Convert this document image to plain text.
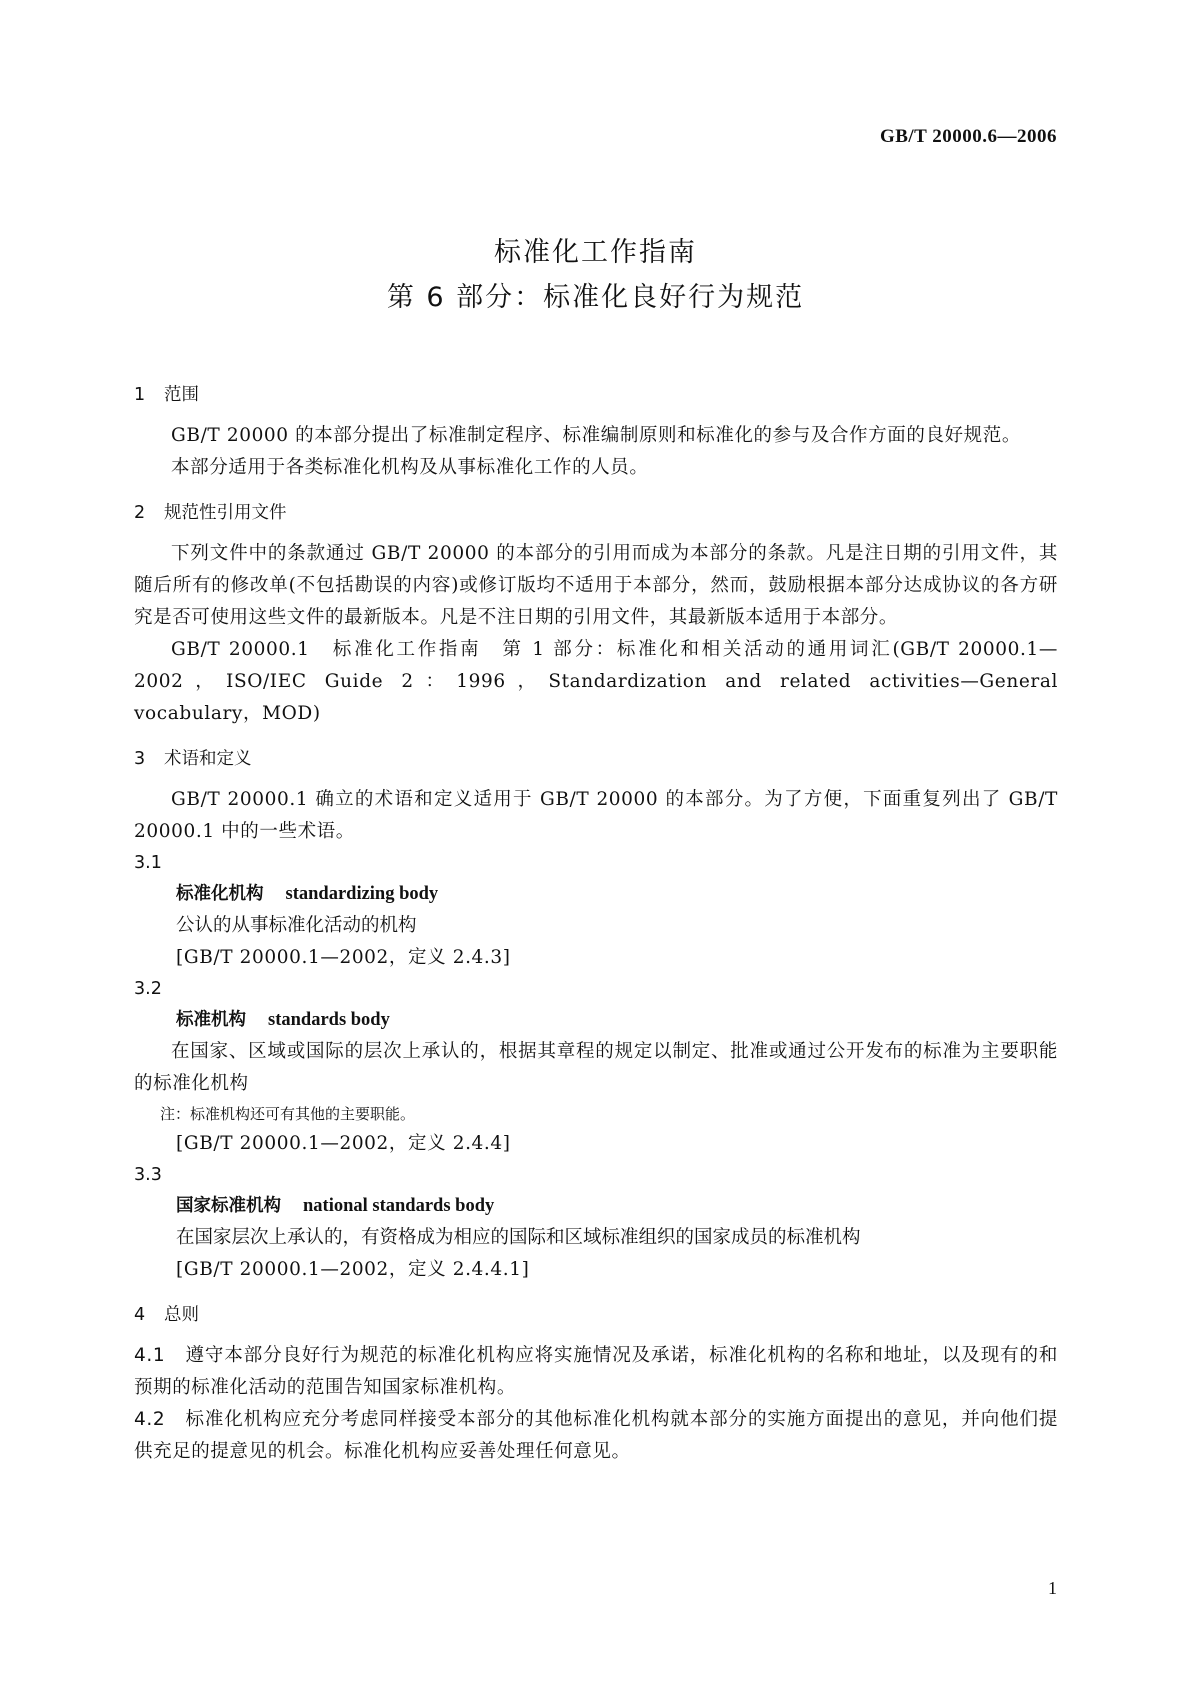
GB/T 20000.6—2006
标准化工作指南
第 6 部分：标准化良好行为规范
1 范围

GB/T 20000 的本部分提出了标准制定程序、标准编制原则和标准化的参与及合作方面的良好规范。

本部分适用于各类标准化机构及从事标准化工作的人员。

2 规范性引用文件

下列文件中的条款通过 GB/T 20000 的本部分的引用而成为本部分的条款。凡是注日期的引用文件，其随后所有的修改单(不包括勘误的内容)或修订版均不适用于本部分，然而，鼓励根据本部分达成协议的各方研究是否可使用这些文件的最新版本。凡是不注日期的引用文件，其最新版本适用于本部分。

GB/T 20000.1　标准化工作指南　第 1 部分：标准化和相关活动的通用词汇(GB/T 20000.1—2002，ISO/IEC Guide 2：1996，Standardization and related activities—General vocabulary，MOD)

3 术语和定义

GB/T 20000.1 确立的术语和定义适用于 GB/T 20000 的本部分。为了方便，下面重复列出了 GB/T 20000.1 中的一些术语。

3.1

标准化机构 standardizing body

公认的从事标准化活动的机构

[GB/T 20000.1—2002，定义 2.4.3]

3.2

标准机构 standards body

在国家、区域或国际的层次上承认的，根据其章程的规定以制定、批准或通过公开发布的标准为主要职能的标准化机构

注：标准机构还可有其他的主要职能。

[GB/T 20000.1—2002，定义 2.4.4]

3.3

国家标准机构 national standards body

在国家层次上承认的，有资格成为相应的国际和区域标准组织的国家成员的标准机构

[GB/T 20000.1—2002，定义 2.4.4.1]

4 总则

4.1 遵守本部分良好行为规范的标准化机构应将实施情况及承诺，标准化机构的名称和地址，以及现有的和预期的标准化活动的范围告知国家标准机构。

4.2 标准化机构应充分考虑同样接受本部分的其他标准化机构就本部分的实施方面提出的意见，并向他们提供充足的提意见的机会。标准化机构应妥善处理任何意见。

1
